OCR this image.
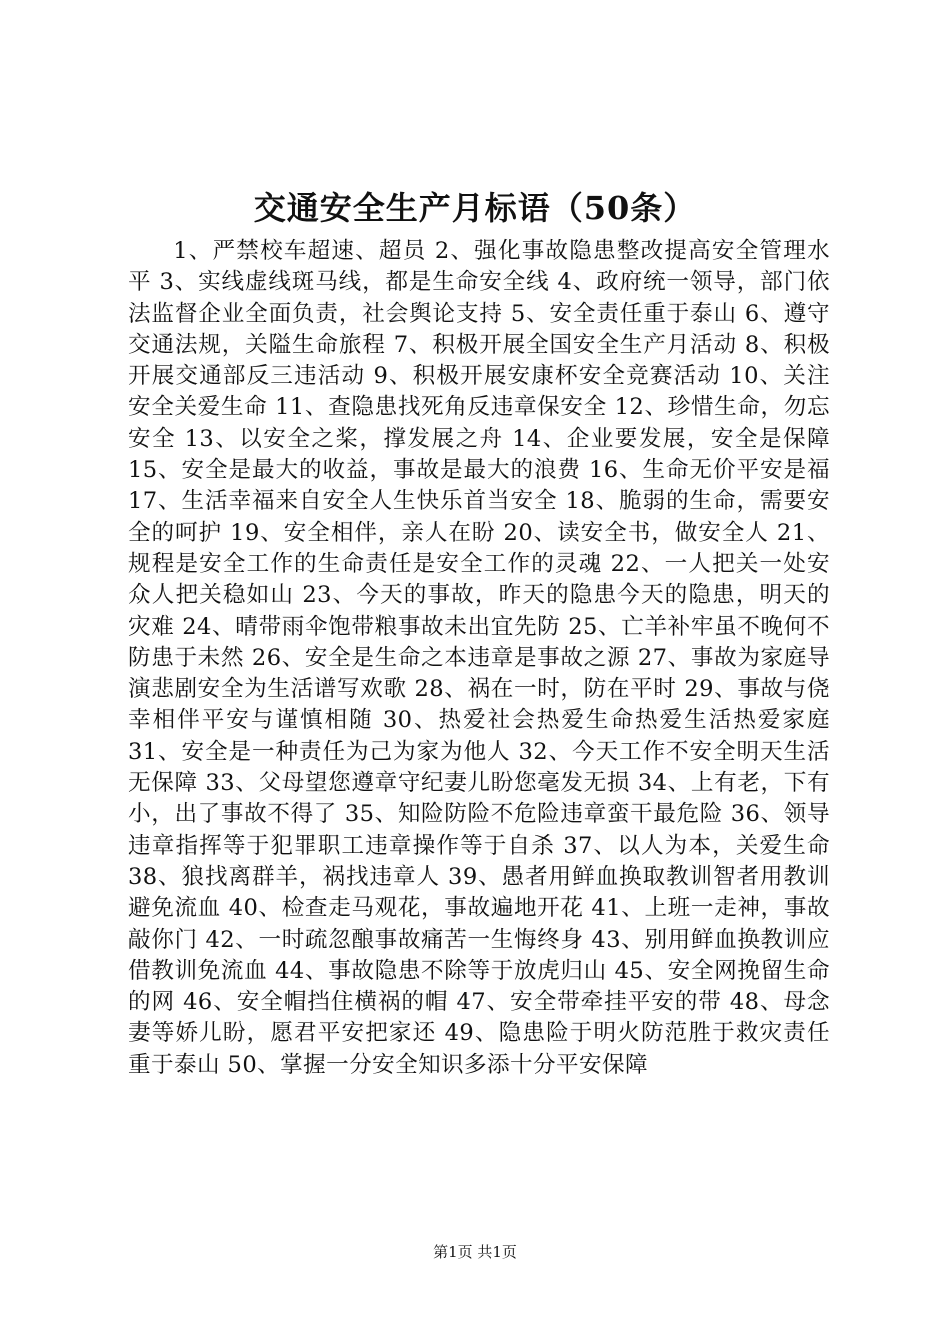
交通安全生产月标语（50条）

1、严禁校车超速、超员 2、强化事故隐患整改提高安全管理水平 3、实线虚线斑马线，都是生命安全线 4、政府统一领导，部门依法监督企业全面负责，社会舆论支持 5、安全责任重于泰山 6、遵守交通法规，关隘生命旅程 7、积极开展全国安全生产月活动 8、积极开展交通部反三违活动 9、积极开展安康杯安全竞赛活动 10、关注安全关爱生命 11、查隐患找死角反违章保安全 12、珍惜生命，勿忘安全 13、以安全之桨，撑发展之舟 14、企业要发展，安全是保障 15、安全是最大的收益，事故是最大的浪费 16、生命无价平安是福 17、生活幸福来自安全人生快乐首当安全 18、脆弱的生命，需要安全的呵护 19、安全相伴，亲人在盼 20、读安全书，做安全人 21、规程是安全工作的生命责任是安全工作的灵魂 22、一人把关一处安众人把关稳如山 23、今天的事故，昨天的隐患今天的隐患，明天的灾难 24、晴带雨伞饱带粮事故未出宜先防 25、亡羊补牢虽不晚何不防患于未然 26、安全是生命之本违章是事故之源 27、事故为家庭导演悲剧安全为生活谱写欢歌 28、祸在一时，防在平时 29、事故与侥幸相伴平安与谨慎相随 30、热爱社会热爱生命热爱生活热爱家庭 31、安全是一种责任为己为家为他人 32、今天工作不安全明天生活无保障 33、父母望您遵章守纪妻儿盼您毫发无损 34、上有老，下有小，出了事故不得了 35、知险防险不危险违章蛮干最危险 36、领导违章指挥等于犯罪职工违章操作等于自杀 37、以人为本，关爱生命 38、狼找离群羊，祸找违章人 39、愚者用鲜血换取教训智者用教训避免流血 40、检查走马观花，事故遍地开花 41、上班一走神，事故敲你门 42、一时疏忽酿事故痛苦一生悔终身 43、别用鲜血换教训应借教训免流血 44、事故隐患不除等于放虎归山 45、安全网挽留生命的网 46、安全帽挡住横祸的帽 47、安全带牵挂平安的带 48、母念妻等娇儿盼，愿君平安把家还 49、隐患险于明火防范胜于救灾责任重于泰山 50、掌握一分安全知识多添十分平安保障

第1页 共1页
